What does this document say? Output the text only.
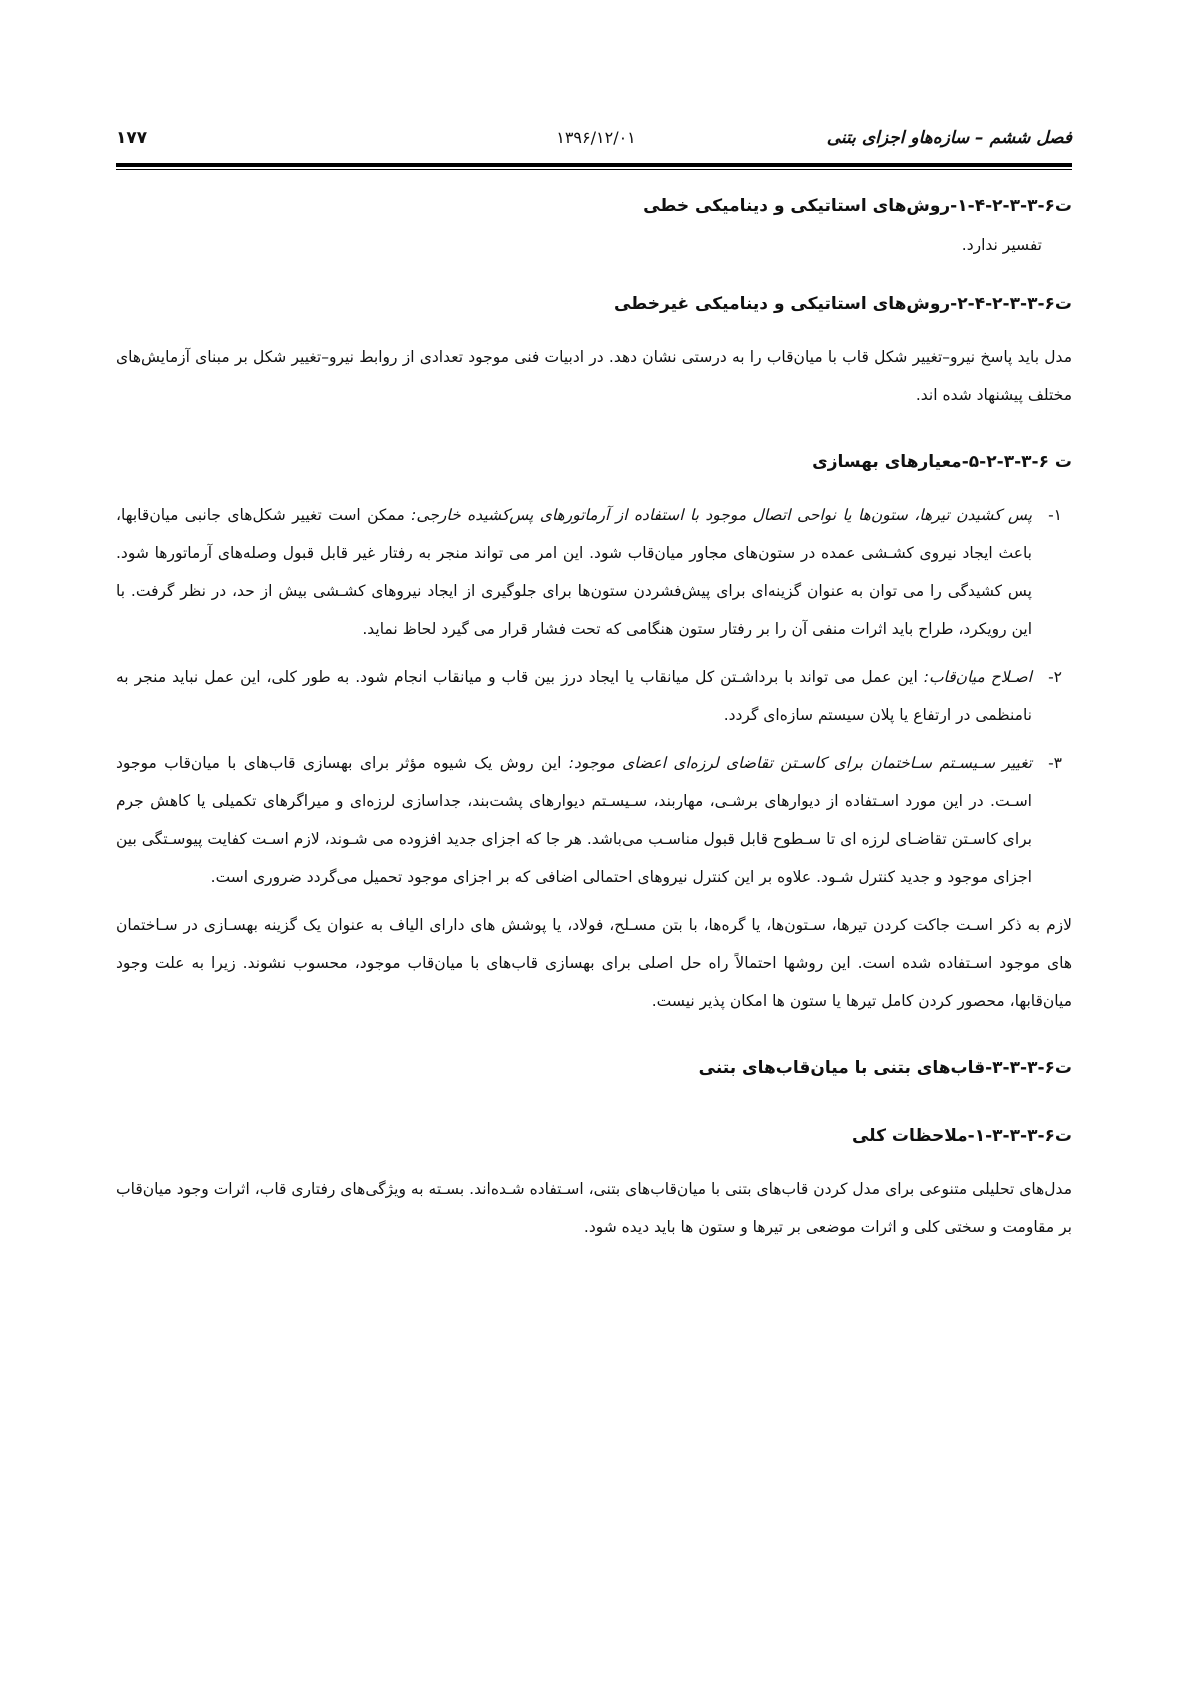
۱۷۷	۱۳۹۶/۱۲/۰۱	فصل ششم – سازه‌هاو اجزای بتنی
ت۶-۳-۳-۲-۴-۱-روش‌های استاتیکی و دینامیکی خطی

تفسیر ندارد.

ت۶-۳-۳-۲-۴-۲-روش‌های استاتیکی و دینامیکی غیرخطی

مدل باید پاسخ نیرو–تغییر شکل قاب با میان‌قاب را به درستی نشان دهد. در ادبیات فنی موجود تعدادی از روابط نیرو–تغییر شکل بر مبنای آزمایش‌های مختلف پیشنهاد شده اند.

ت ۶-۳-۳-۲-۵-معیارهای بهسازی
۱-

پس کشیدن تیرها، ستون‌ها یا نواحی اتصال موجود با استفاده از آرماتورهای پس‌کشیده خارجی: ممکن است تغییر شکل‌های جانبی میان‌قابها، باعث ایجاد نیروی کشـشی عمده در ستون‌های مجاور میان‌قاب شود. این امر می تواند منجر به رفتار غیر قابل قبول وصله‌های آرماتورها شود. پس کشیدگی را می توان به عنوان گزینه‌ای برای پیش‌فشردن ستون‌ها برای جلوگیری از ایجاد نیروهای کشـشی بیش از حد، در نظر گرفت. با این رویکرد، طراح باید اثرات منفی آن را بر رفتار ستون هنگامی که تحت فشار قرار می گیرد لحاظ نماید.

۲-

اصـلاح میان‌قاب: این عمل می تواند با برداشـتن کل میانقاب یا ایجاد درز بین قاب و میانقاب انجام شود. به طور کلی، این عمل نباید منجر به نامنظمی در ارتفاع یا پلان سیستم سازه‌ای گردد.

۳-

تغییر سـیسـتم سـاختمان برای کاسـتن تقاضای لرزه‌ای اعضای موجود: این روش یک شیوه مؤثر برای بهسازی قاب‌های با میان‌قاب موجود اسـت. در این مورد اسـتفاده از دیوارهای برشـی، مهاربند، سـیسـتم دیوارهای پشت‌بند، جداسازی لرزه‌ای و میراگرهای تکمیلی یا کاهش جرم برای کاسـتن تقاضـای لرزه ای تا سـطوح قابل قبول مناسـب می‌باشد. هر جا که اجزای جدید افزوده می شـوند، لازم اسـت کفایت پیوسـتگی بین اجزای موجود و جدید کنترل شـود. علاوه بر این کنترل نیروهای احتمالی اضافی که بر اجزای موجود تحمیل می‌گردد ضروری است.

لازم به ذکر اسـت جاکت کردن تیرها، سـتون‌ها، یا گره‌ها، با بتن مسـلح، فولاد، یا پوشش های دارای الیاف به عنوان یک گزینه بهسـازی در سـاختمان های موجود اسـتفاده شده است. این روشها احتمالاً راه حل اصلی برای بهسازی قاب‌های با میان‌قاب موجود، محسوب نشوند. زیرا به علت وجود میان‌قابها، محصور کردن کامل تیرها یا ستون ها امکان پذیر نیست.

ت۶-۳-۳-۳-قاب‌های بتنی با میان‌قاب‌های بتنی
ت۶-۳-۳-۳-۱-ملاحظات کلی

مدل‌های تحلیلی متنوعی برای مدل کردن قاب‌های بتنی با میان‌قاب‌های بتنی، اسـتفاده شـده‌اند. بسـته به ویژگی‌های رفتاری قاب، اثرات وجود میان‌قاب بر مقاومت و سختی کلی و اثرات موضعی بر تیرها و ستون ها باید دیده شود.
